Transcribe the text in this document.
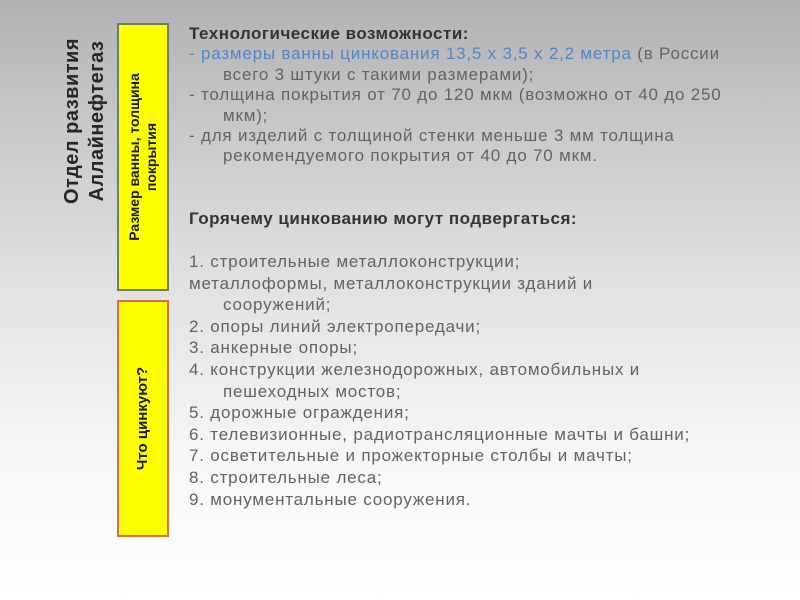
Отдел развития Аллайнефтегаз Размер ванны, толщина покрытия
Что цинкуют?
Технологические возможности:
- размеры ванны цинкования 13,5 х 3,5 х 2,2 метра (в России
всего 3 штуки с такими размерами);
- толщина покрытия от 70 до 120 мкм (возможно от 40 до 250
мкм);
- для изделий с толщиной стенки меньше 3 мм толщина
рекомендуемого покрытия от 40 до 70 мкм.
Горячему цинкованию могут подвергаться:
1. строительные металлоконструкции;
металлоформы, металлоконструкции зданий и
сооружений;
2. опоры линий электропередачи;
3. анкерные опоры;
4. конструкции железнодорожных, автомобильных и
пешеходных мостов;
5. дорожные ограждения;
6. телевизионные, радиотрансляционные мачты и башни;
7. осветительные и прожекторные столбы и мачты;
8. строительные леса;
9. монументальные сооружения.
